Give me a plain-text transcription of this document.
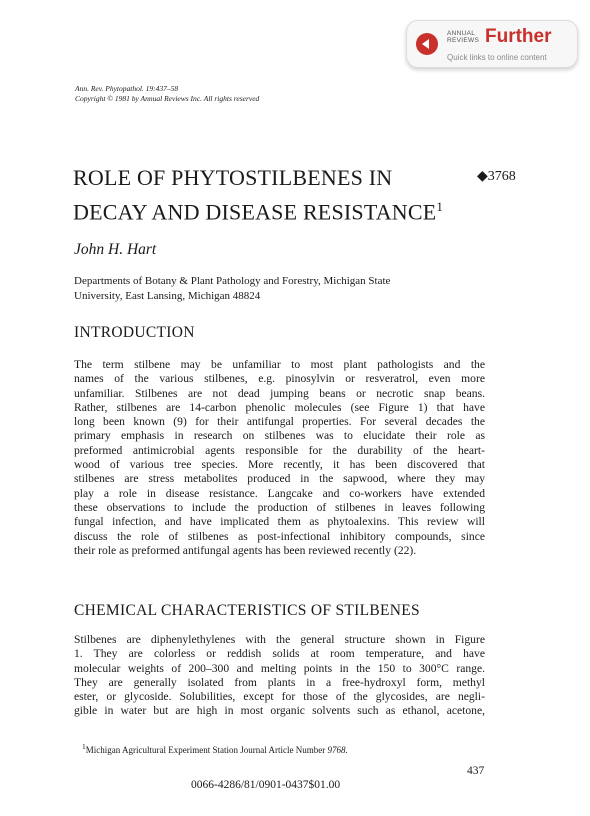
ANNUAL
REVIEWS Further
Quick links to online content
Ann. Rev. Phytopathol. 19:437–58
Copyright © 1981 by Annual Reviews Inc. All rights reserved
ROLE OF PHYTOSTILBENES IN
DECAY AND DISEASE RESISTANCE$^1$
◆3768
John H. Hart
Departments of Botany & Plant Pathology and Forestry, Michigan State
University, East Lansing, Michigan 48824
INTRODUCTION
The term stilbene may be unfamiliar to most plant pathologists and the
names of the various stilbenes, e.g. pinosylvin or resveratrol, even more
unfamiliar. Stilbenes are not dead jumping beans or necrotic snap beans.
Rather, stilbenes are 14-carbon phenolic molecules (see Figure 1) that have
long been known (9) for their antifungal properties. For several decades the
primary emphasis in research on stilbenes was to elucidate their role as
preformed antimicrobial agents responsible for the durability of the heart-
wood of various tree species. More recently, it has been discovered that
stilbenes are stress metabolites produced in the sapwood, where they may
play a role in disease resistance. Langcake and co-workers have extended
these observations to include the production of stilbenes in leaves following
fungal infection, and have implicated them as phytoalexins. This review will
discuss the role of stilbenes as post-infectional inhibitory compounds, since
their role as preformed antifungal agents has been reviewed recently (22).
CHEMICAL CHARACTERISTICS OF STILBENES
Stilbenes are diphenylethylenes with the general structure shown in Figure
1. They are colorless or reddish solids at room temperature, and have
molecular weights of 200–300 and melting points in the 150 to 300°C range.
They are generally isolated from plants in a free-hydroxyl form, methyl
ester, or glycoside. Solubilities, except for those of the glycosides, are negli-
gible in water but are high in most organic solvents such as ethanol, acetone,
$^1$Michigan Agricultural Experiment Station Journal Article Number 9768.
437
0066-4286/81/0901-0437$01.00
